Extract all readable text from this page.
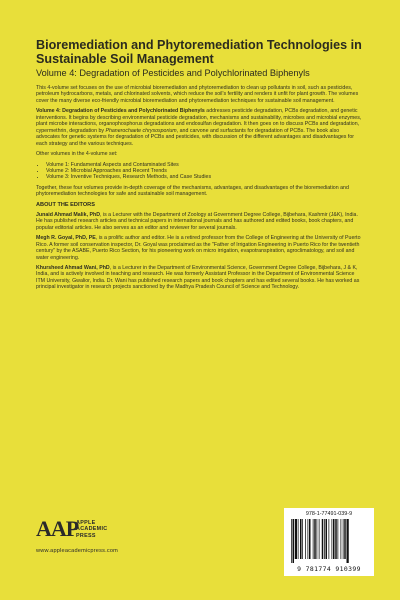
Bioremediation and Phytoremediation Technologies in Sustainable Soil Management
Volume 4: Degradation of Pesticides and Polychlorinated Biphenyls

This 4-volume set focuses on the use of microbial bioremediation and phytoremediation to clean up pollutants in soil, such as pesticides, petroleum hydrocarbons, metals, and chlorinated solvents, which reduce the soil's fertility and renders it unfit for plant growth. The volumes cover the many diverse eco-friendly microbial bioremediation and phytoremediation techniques for sustainable soil management.

Volume 4: Degradation of Pesticides and Polychlorinated Biphenyls addresses pesticide degradation, PCBs degradation, and genetic interventions. It begins by describing environmental pesticide degradation, mechanisms and sustainability, microbes and microbial enzymes, plant microbe interactions, organophosphorus degradations and endosulfan degradation. It then goes on to discuss PCBs and degradation, cypermethrin, degradation by Phanerochaete chrysosporium, and carvone and surfactants for degradation of PCBs. The book also advocates for genetic systems for degradation of PCBs and pesticides, with discussion of the different advantages and disadvantages for each strategy and the various techniques.

Other volumes in the 4-volume set:

• Volume 1: Fundamental Aspects and Contaminated Sites
• Volume 2: Microbial Approaches and Recent Trends
• Volume 3: Inventive Techniques, Research Methods, and Case Studies

Together, these four volumes provide in-depth coverage of the mechanisms, advantages, and disadvantages of the bioremediation and phytoremediation technologies for safe and sustainable soil management.

ABOUT THE EDITORS

Junaid Ahmad Malik, PhD, is a Lecturer with the Department of Zoology at Government Degree College, Bijbehara, Kashmir (J&K), India. He has published research articles and technical papers in international journals and has authored and edited books, book chapters, and popular editorial articles. He also serves as an editor and reviewer for several journals.

Megh R. Goyal, PhD, PE, is a prolific author and editor. He is a retired professor from the College of Engineering at the University of Puerto Rico. A former soil conservation inspector, Dr. Goyal was proclaimed as the "Father of Irrigation Engineering in Puerto Rico for the twentieth century" by the ASABE, Puerto Rico Section, for his pioneering work on micro irrigation, evapotranspiration, agroclimatology, and soil and water engineering.

Khursheed Ahmad Wani, PhD, is a Lecturer in the Department of Environmental Science, Government Degree College, Bijbehara, J & K, India, and is actively involved in teaching and research. He was formerly Assistant Professor in the Department of Environmental Science ITM University, Gwalior, India. Dr. Wani has published research papers and book chapters and has edited several books. He has worked as principal investigator in research projects sanctioned by the Madhya Pradesh Council of Science and Technology.

AAP
APPLE
ACADEMIC
PRESS
www.appleacademicpress.com
978-1-77491-039-9
9 781774 910399
